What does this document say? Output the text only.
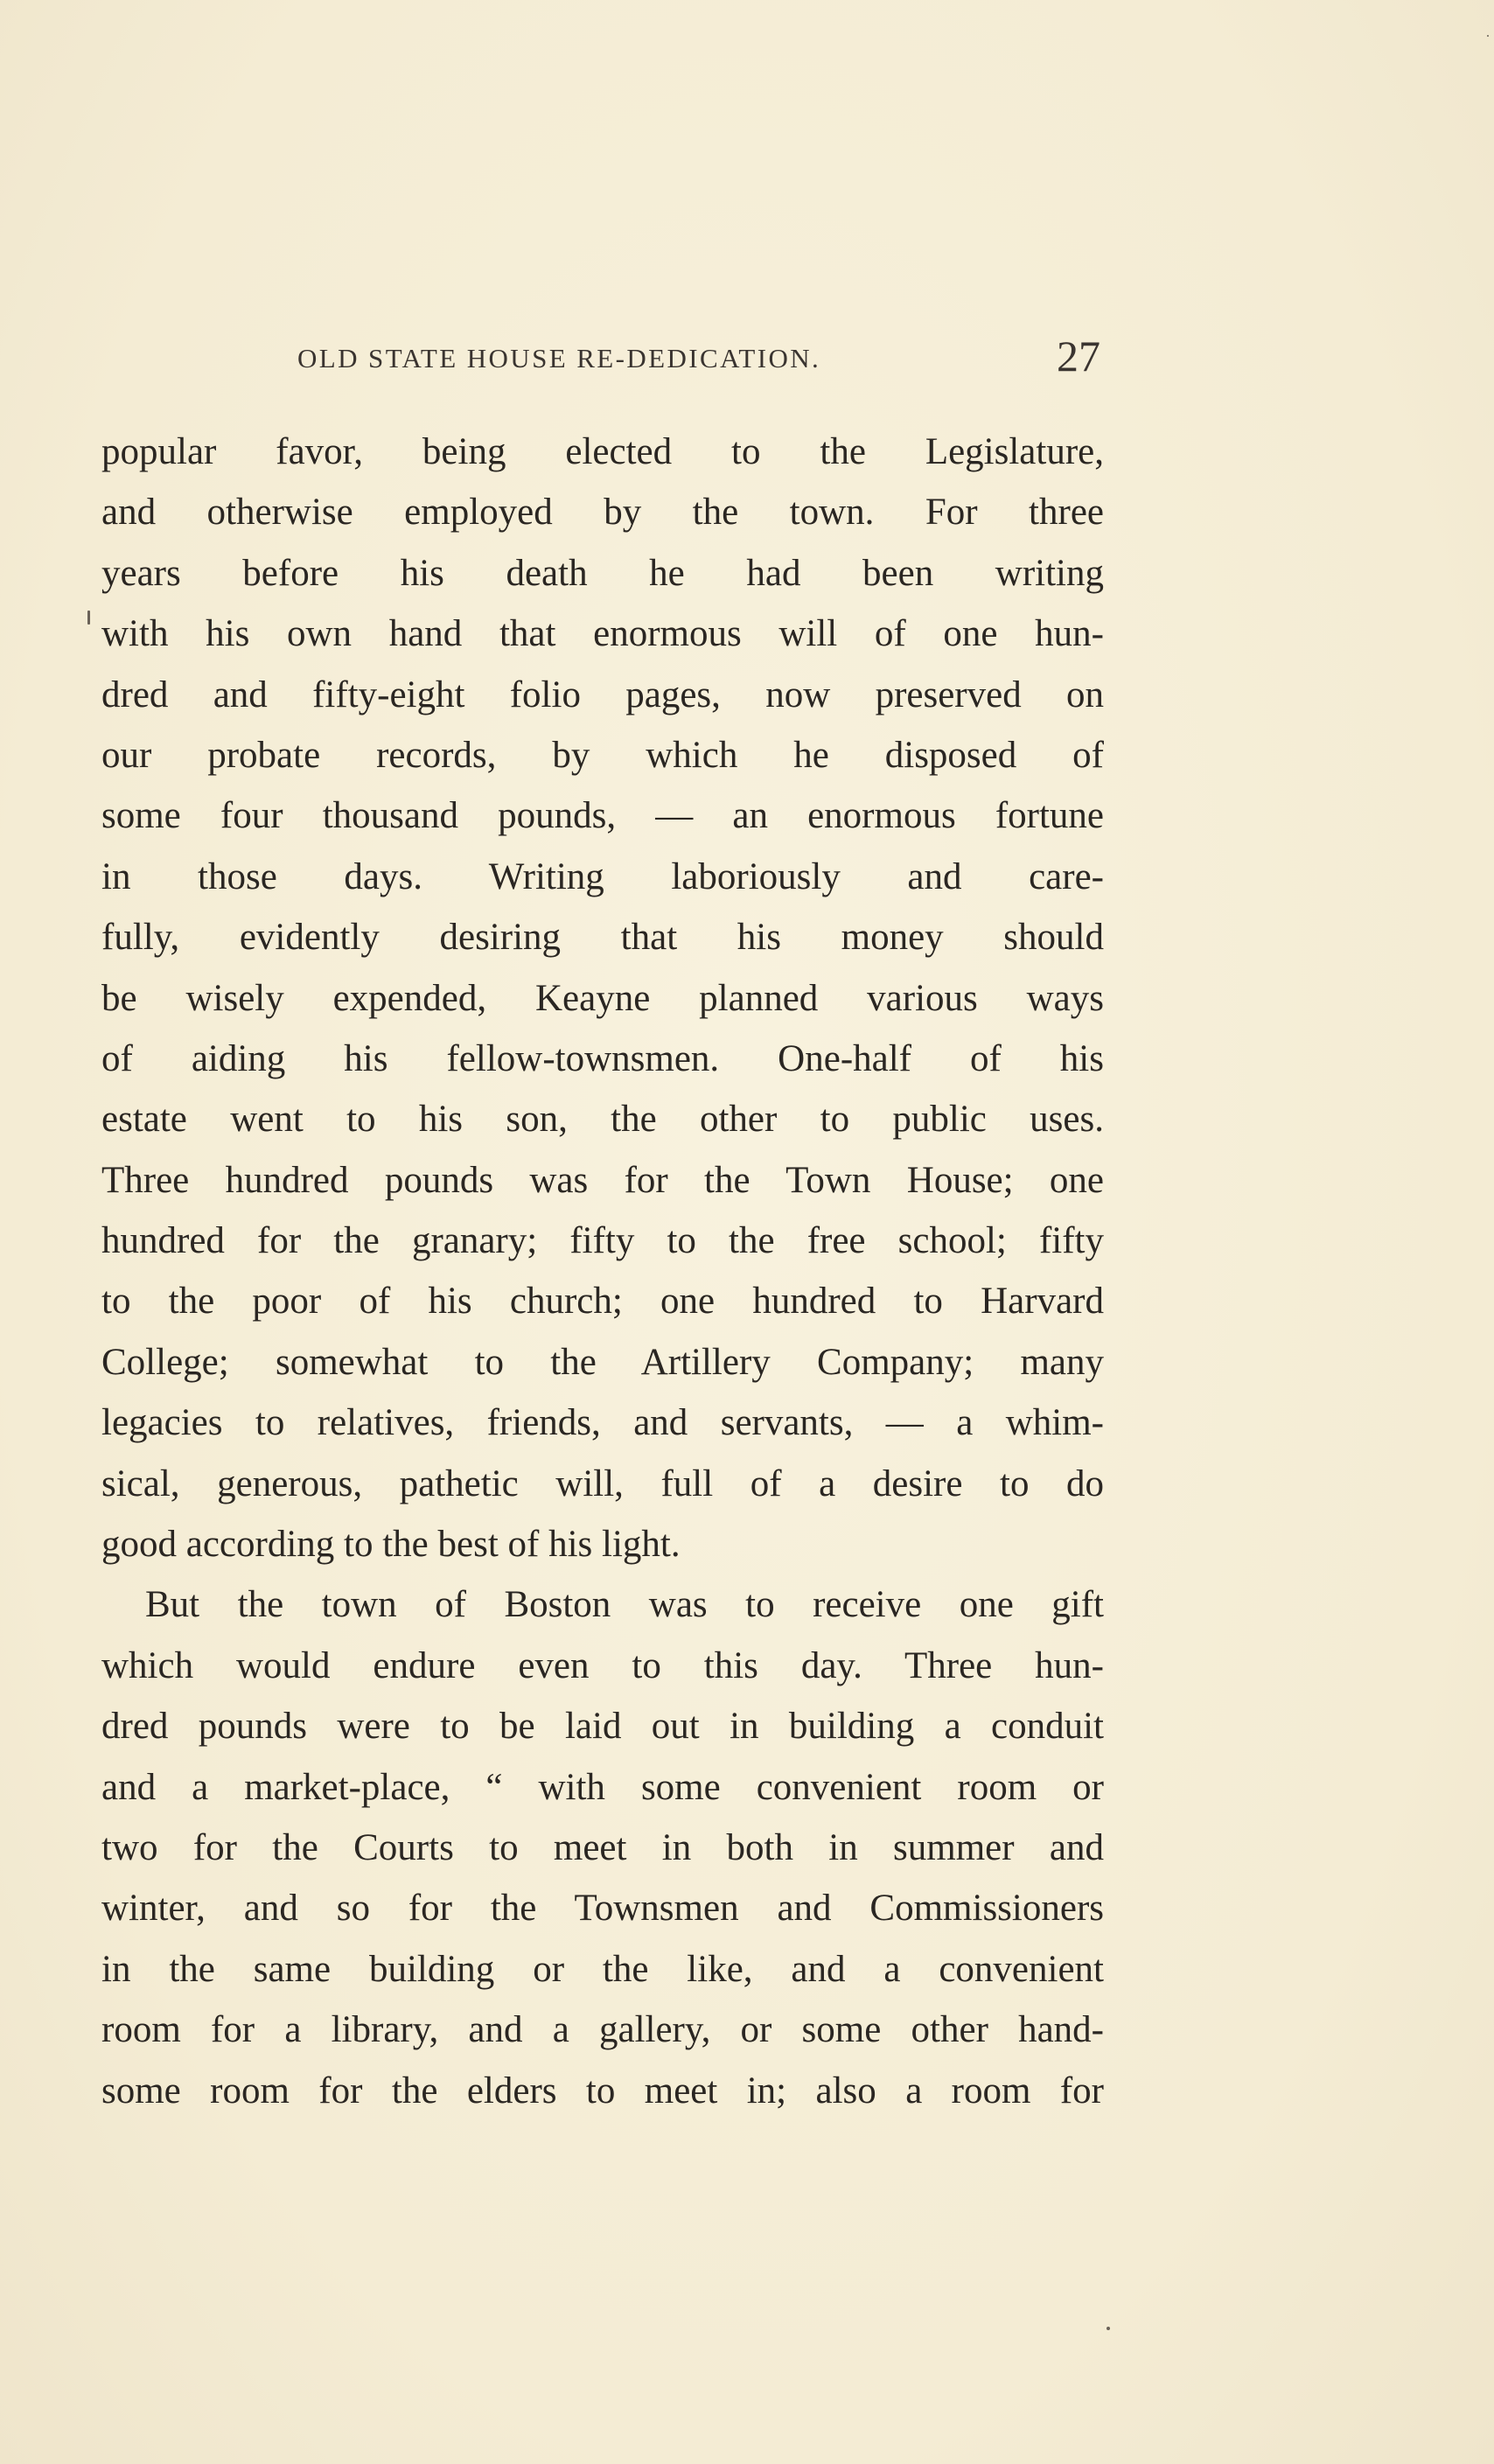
OLD STATE HOUSE RE-DEDICATION.	27
popular favor, being elected to the Legislature,
and otherwise employed by the town. For three
years before his death he had been writing
with his own hand that enormous will of one hun-
dred and fifty-eight folio pages, now preserved on
our probate records, by which he disposed of
some four thousand pounds, — an enormous fortune
in those days. Writing laboriously and care-
fully, evidently desiring that his money should
be wisely expended, Keayne planned various ways
of aiding his fellow-townsmen. One-half of his
estate went to his son, the other to public uses.
Three hundred pounds was for the Town House; one
hundred for the granary; fifty to the free school; fifty
to the poor of his church; one hundred to Harvard
College; somewhat to the Artillery Company; many
legacies to relatives, friends, and servants, — a whim-
sical, generous, pathetic will, full of a desire to do
good according to the best of his light.
But the town of Boston was to receive one gift
which would endure even to this day. Three hun-
dred pounds were to be laid out in building a conduit
and a market-place, “ with some convenient room or
two for the Courts to meet in both in summer and
winter, and so for the Townsmen and Commissioners
in the same building or the like, and a convenient
room for a library, and a gallery, or some other hand-
some room for the elders to meet in; also a room for
